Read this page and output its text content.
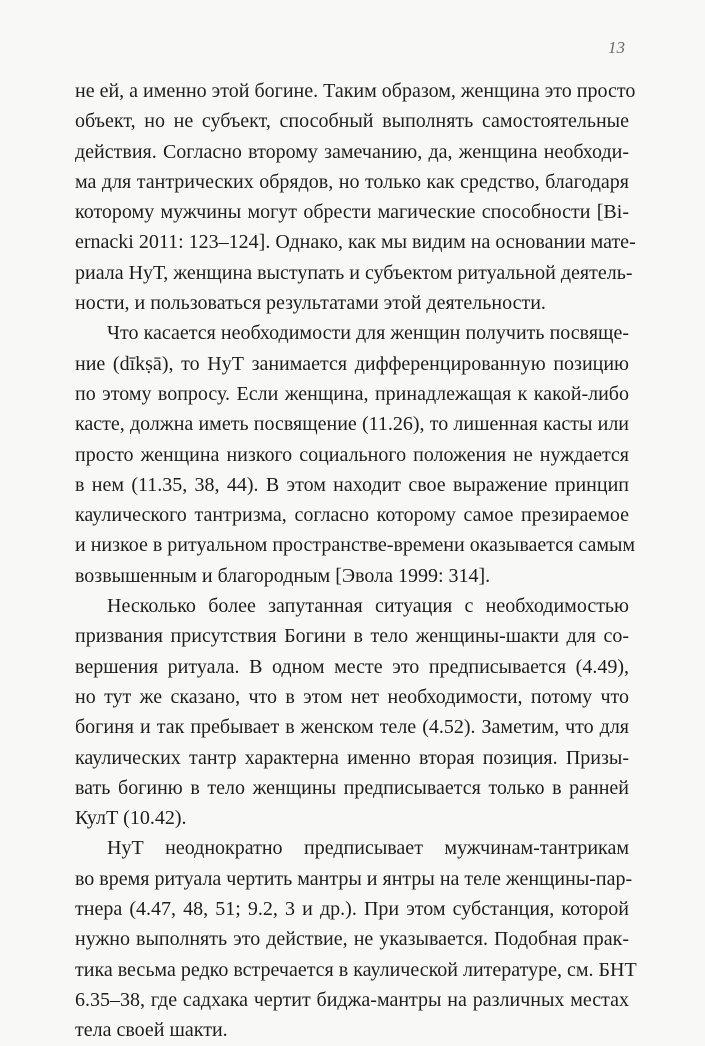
13
не ей, а именно этой богине. Таким образом, женщина это просто
объект, но не субъект, способный выполнять самостоятельные
действия. Согласно второму замечанию, да, женщина необходи-
ма для тантрических обрядов, но только как средство, благодаря
которому мужчины могут обрести магические способности [Bi-
ernacki 2011: 123–124]. Однако, как мы видим на основании мате-
риала НуТ, женщина выступать и субъектом ритуальной деятель-
ности, и пользоваться результатами этой деятельности.
Что касается необходимости для женщин получить посвяще-
ние (dīkṣā), то НуТ занимается дифференцированную позицию
по этому вопросу. Если женщина, принадлежащая к какой-либо
касте, должна иметь посвящение (11.26), то лишенная касты или
просто женщина низкого социального положения не нуждается
в нем (11.35, 38, 44). В этом находит свое выражение принцип
каулического тантризма, согласно которому самое презираемое
и низкое в ритуальном пространстве-времени оказывается самым
возвышенным и благородным [Эвола 1999: 314].
Несколько более запутанная ситуация с необходимостью
призвания присутствия Богини в тело женщины-шакти для со-
вершения ритуала. В одном месте это предписывается (4.49),
но тут же сказано, что в этом нет необходимости, потому что
богиня и так пребывает в женском теле (4.52). Заметим, что для
каулических тантр характерна именно вторая позиция. Призы-
вать богиню в тело женщины предписывается только в ранней
КулТ (10.42).
НуТ неоднократно предписывает мужчинам-тантрикам
во время ритуала чертить мантры и янтры на теле женщины-пар-
тнера (4.47, 48, 51; 9.2, 3 и др.). При этом субстанция, которой
нужно выполнять это действие, не указывается. Подобная прак-
тика весьма редко встречается в каулической литературе, см. БНТ
6.35–38, где садхака чертит биджа-мантры на различных местах
тела своей шакти.
